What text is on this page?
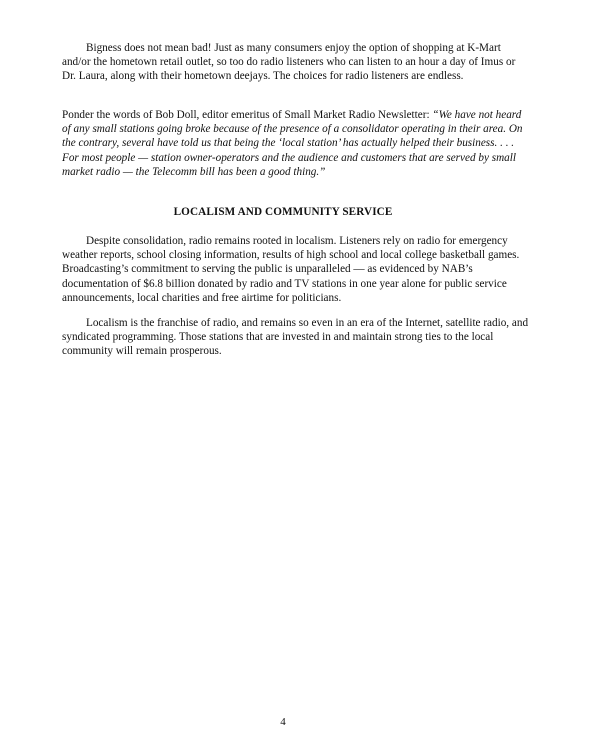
Bigness does not mean bad! Just as many consumers enjoy the option of shopping at K-Mart and/or the hometown retail outlet, so too do radio listeners who can listen to an hour a day of Imus or Dr. Laura, along with their hometown deejays. The choices for radio listeners are endless.

Ponder the words of Bob Doll, editor emeritus of Small Market Radio Newsletter: “We have not heard of any small stations going broke because of the presence of a consolidator operating in their area. On the contrary, several have told us that being the ‘local station’ has actually helped their business. . . . For most people — station owner-operators and the audience and customers that are served by small market radio — the Telecomm bill has been a good thing.”

LOCALISM AND COMMUNITY SERVICE

Despite consolidation, radio remains rooted in localism. Listeners rely on radio for emergency weather reports, school closing information, results of high school and local college basketball games. Broadcasting’s commitment to serving the public is unparalleled — as evidenced by NAB’s documentation of $6.8 billion donated by radio and TV stations in one year alone for public service announcements, local charities and free airtime for politicians.

Localism is the franchise of radio, and remains so even in an era of the Internet, satellite radio, and syndicated programming. Those stations that are invested in and maintain strong ties to the local community will remain prosperous.

4
